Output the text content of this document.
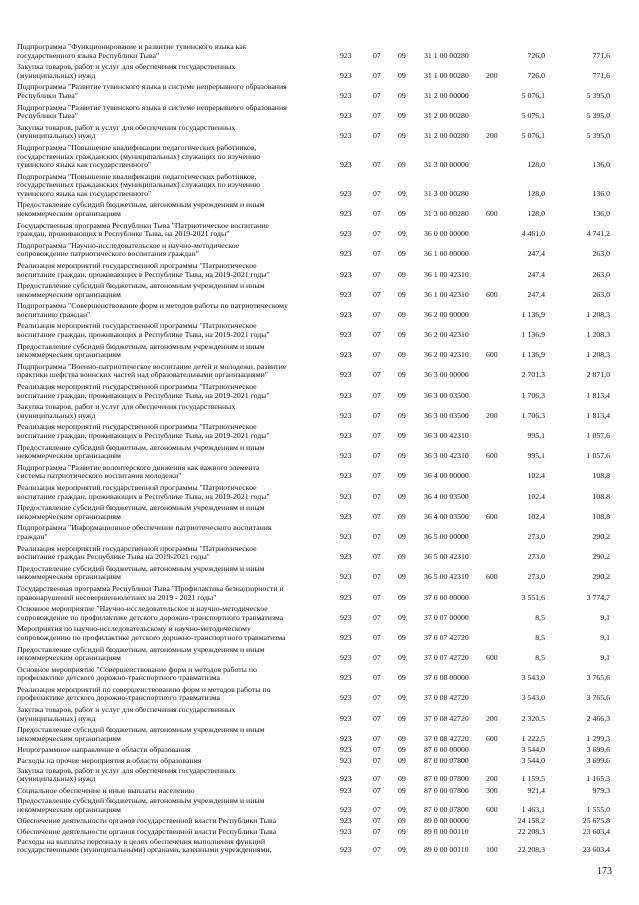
Подпрограмма "Функционирование и развитие тувинского языка как
государственного языка Республики Тыва"	923	07 09 31 1 00 00280	726,0	771,6
Закупка товаров, работ и услуг для обеспечения государственных
(муниципальных) нужд	923	07 09 31 1 00 00280 200	726,0	771,6
Подпрограмма "Развитие тувинского языка в системе непрерывного образования
Республики Тыва"	923	07 09 31 2 00 00000	5 076,1	5 395,0
Подпрограмма "Развитие тувинского языка в системе непрерывного образования
Республики Тыва"	923	07 09 31 2 00 00280	5 076,1	5 395,0
Закупка товаров, работ и услуг для обеспечения государственных
(муниципальных) нужд	923	07 09 31 2 00 00280 200	5 076,1	5 395,0
Подпрограмма "Повышение квалификации педагогических работников,
государственных гражданских (муниципальных) служащих по изучению
тувинского языка как государственного"	923	07 09 31 3 00 00000	128,0	136,0
Подпрограмма "Повышение квалификации педагогических работников,
государственных гражданских (муниципальных) служащих по изучению
тувинского языка как государственного"	923	07 09 31 3 00 00280	128,0	136,0
Предоставление субсидий бюджетным, автономным учреждениям и иным
некоммерческим организациям	923	07 09 31 3 00 00280 600	128,0	136,0
Государственная программа Республики Тыва "Патриотическое воспитание
граждан, проживающих в Республике Тыва, на 2019-2021 годы"	923	07 09 36 0 00 00000	4 461,0	4 741,2
Подпрограмма "Научно-исследовательское и научно-методическое
сопровождение патриотического воспитания граждан"	923	07 09 36 1 00 00000	247,4	263,0
Реализация мероприятий государственной программы "Патриотическое
воспитание граждан, проживающих в Республике Тыва, на 2019-2021 годы"	923	07 09 36 1 00 42310	247,4	263,0
Предоставление субсидий бюджетным, автономным учреждениям и иным
некоммерческим организациям	923	07 09 36 1 00 42310 600	247,4	263,0
Подпрограмма "Совершенствование форм и методов работы по патриотическому
воспитанию граждан"	923	07 09 36 2 00 00000	1 136,9	1 208,3
Реализация мероприятий государственной программы "Патриотическое
воспитание граждан, проживающих в Республике Тыва, на 2019-2021 годы"	923	07 09 36 2 00 42310	1 136,9	1 208,3
Предоставление субсидий бюджетным, автономным учреждениям и иным
некоммерческим организациям	923	07 09 36 2 00 42310 600	1 136,9	1 208,3
Подпрограмма "Военно-патриотическое воспитание детей и молодежи, развитие
практики шефства воинских частей над образовательными организациями"	923	07 09 36 3 00 00000	2 701,3	2 871,0
Реализация мероприятий государственной программы "Патриотическое
воспитание граждан, проживающих в Республике Тыва, на 2019-2021 годы"	923	07 09 36 3 00 03500	1 706,3	1 813,4
Закупка товаров, работ и услуг для обеспечения государственных
(муниципальных) нужд	923	07 09 36 3 00 03500 200	1 706,3	1 813,4
Реализация мероприятий государственной программы "Патриотическое
воспитание граждан, проживающих в Республике Тыва, на 2019-2021 годы"	923	07 09 36 3 00 42310	995,1	1 057,6
Предоставление субсидий бюджетным, автономным учреждениям и иным
некоммерческим организациям	923	07 09 36 3 00 42310 600	995,1	1 057,6
Подпрограмма "Развитие волонтерского движения как важного элемента
системы патриотического воспитания молодежи"	923	07 09 36 4 00 00000	102,4	108,8
Реализация мероприятий государственной программы "Патриотическое
воспитание граждан, проживающих в Республике Тыва, на 2019-2021 годы"	923	07 09 36 4 00 03500	102,4	108,8
Предоставление субсидий бюджетным, автономным учреждениям и иным
некоммерческим организациям	923	07 09 36 4 00 03500 600	102,4	108,8
Подпрограмма "Информационное обеспечение патриотического воспитания
граждан"	923	07 09 36 5 00 00000	273,0	290,2
Реализация мероприятий государственной программы "Патриотическое
воспитание граждан Республике Тыва на 2019-2021 годы"	923	07 09 36 5 00 42310	273,0	290,2
Предоставление субсидий бюджетным, автономным учреждениям и иным
некоммерческим организациям	923	07 09 36 5 00 42310 600	273,0	290,2
Государственная программа Республики Тыва "Профилактика безнадзорности и
правонарушений несовершеннолетних на 2019 - 2021 годы"	923	07 09 37 0 00 00000	3 551,6	3 774,7
Основное мероприятие "Научно-исследовательское и научно-методическое
сопровождение по профилактике детского дорожно-транспортного травматизма	923	07 09 37 0 07 00000	8,5	9,1
Мероприятия по научно-исследовательскому и научно-методическому
сопровождению по профилактике детского дорожно-транспортного травматизма	923	07 09 37 0 07 42720	8,5	9,1
Предоставление субсидий бюджетным, автономным учреждениям и иным
некоммерческим организациям	923	07 09 37 0 07 42720 600	8,5	9,1
Основное мероприятие "Совершенствование форм и методов работы по
профилактике детского дорожно-транспортного травматизма	923	07 09 37 0 08 00000	3 543,0	3 765,6
Реализация мероприятий по совершенствованию форм и методов работы по
профилактике детского дорожно-транспортного травматизма	923	07 09 37 0 08 42720	3 543,0	3 765,6
Закупка товаров, работ и услуг для обеспечения государственных
(муниципальных) нужд	923	07 09 37 0 08 42720 200	2 320,5	2 466,3
Предоставление субсидий бюджетным, автономным учреждениям и иным
некоммерческим организациям	923	07 09 37 0 08 42720 600	1 222,5	1 299,3
Непрограммное направление в области образования	923	07 09 87 0 00 00000	3 544,0	3 699,6
Расходы на прочие мероприятия в области образования	923	07 09 87 0 00 07800	3 544,0	3 699,6
Закупка товаров, работ и услуг для обеспечения государственных
(муниципальных) нужд	923	07 09 87 0 00 07800 200	1 159,5	1 165,3
Социальное обеспечение и иные выплаты населению	923	07 09 87 0 00 07800 300	921,4	979,3
Предоставление субсидий бюджетным, автономным учреждениям и иным
некоммерческим организациям	923	07 09 87 0 00 07800 600	1 463,1	1 555,0
Обеспечение деятельности органов государственной власти Республики Тыва	923	07 09 89 0 00 00000	24 158,2	25 675,8
Обеспечение деятельности органов государственной власти Республики Тыва	923	07 09 89 0 00 00110	22 208,3	23 603,4
Расходы на выплаты персоналу в целях обеспечения выполнения функций
государственными (муниципальными) органами, казенными учреждениями,	923	07 09 89 0 00 00110 100	22 208,3	23 603,4
173
